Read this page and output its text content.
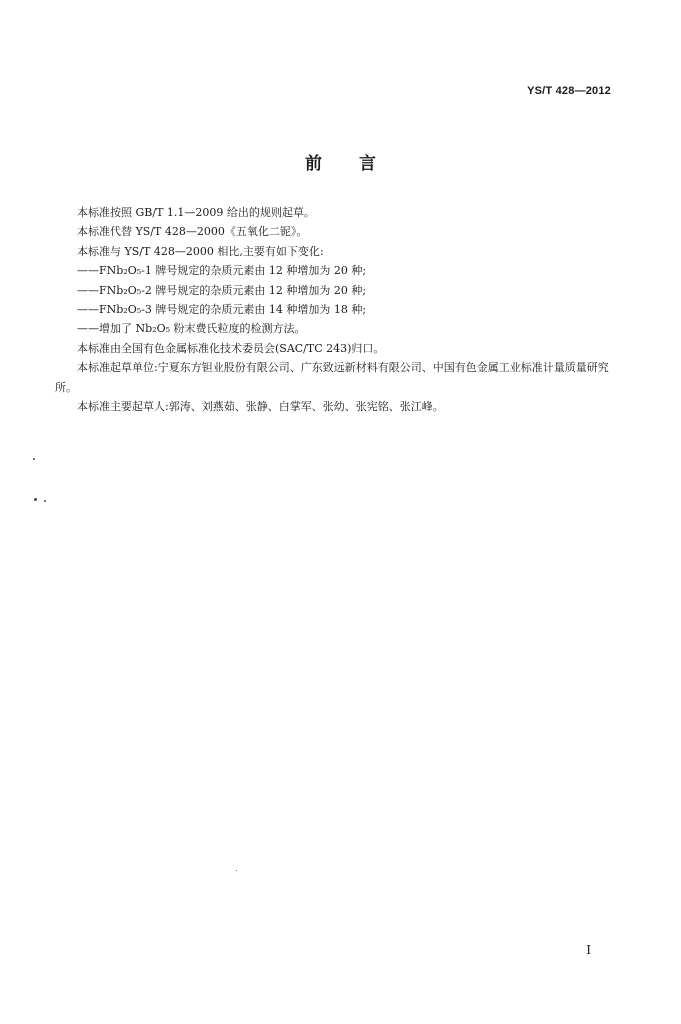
YS/T 428—2012
前 言

本标准按照 GB/T 1.1—2009 给出的规则起草。

本标准代替 YS/T 428—2000《五氧化二铌》。

本标准与 YS/T 428—2000 相比,主要有如下变化:

——FNb₂O₅-1 牌号规定的杂质元素由 12 种增加为 20 种;

——FNb₂O₅-2 牌号规定的杂质元素由 12 种增加为 20 种;

——FNb₂O₅-3 牌号规定的杂质元素由 14 种增加为 18 种;

——增加了 Nb₂O₅ 粉末费氏粒度的检测方法。

本标准由全国有色金属标准化技术委员会(SAC/TC 243)归口。

本标准起草单位:宁夏东方钽业股份有限公司、广东致远新材料有限公司、中国有色金属工业标准计量质量研究所。

本标准主要起草人:郭涛、刘燕茹、张静、白掌军、张幼、张宪铭、张江峰。

I
